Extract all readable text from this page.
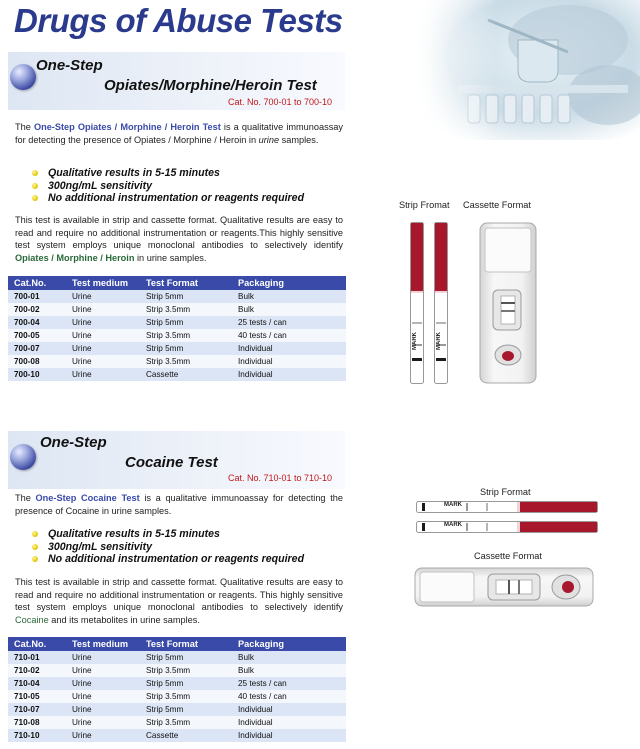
Drugs of Abuse Tests
One-Step
Opiates/Morphine/Heroin Test
Cat. No. 700-01 to 700-10
The One-Step Opiates / Morphine / Heroin Test is a qualitative immunoassay for detecting the presence of Opiates / Morphine / Heroin in urine samples.
Qualitative results in 5-15 minutes
300ng/mL sensitivity
No additional instrumentation or reagents required
This test is available in strip and cassette format. Qualitative results are easy to read and require no additional instrumentation or reagents.This highly sensitive test system employs unique monoclonal antibodies to selectively identify Opiates / Morphine / Heroin in urine samples.
Cat.No.	Test medium	Test Format	Packaging
700-01	Urine	Strip 5mm	Bulk
700-02	Urine	Strip 3.5mm	Bulk
700-04	Urine	Strip 5mm	25 tests / can
700-05	Urine	Strip 3.5mm	40 tests / can
700-07	Urine	Strip 5mm	Individual
700-08	Urine	Strip 3.5mm	Individual
700-10	Urine	Cassette	Individual
Strip Fromat Cassette Format
MARK	MARK
One-Step
Cocaine Test
Cat. No. 710-01 to 710-10
The One-Step Cocaine Test is a qualitative immunoassay for detecting the presence of Cocaine in urine samples.
Qualitative results in 5-15 minutes
300ng/mL sensitivity
No additional instrumentation or reagents required
This test is available in strip and cassette format. Qualitative results are easy to read and require no additional instrumentation or reagents. This highly sensitive test system employs unique monoclonal antibodies to selectively identify Cocaine and its metabolites in urine samples.
Cat.No.	Test medium	Test Format	Packaging
710-01	Urine	Strip 5mm	Bulk
710-02	Urine	Strip 3.5mm	Bulk
710-04	Urine	Strip 5mm	25 tests / can
710-05	Urine	Strip 3.5mm	40 tests / can
710-07	Urine	Strip 5mm	Individual
710-08	Urine	Strip 3.5mm	Individual
710-10	Urine	Cassette	Individual
Strip Format
MARK
MARK
Cassette Format
